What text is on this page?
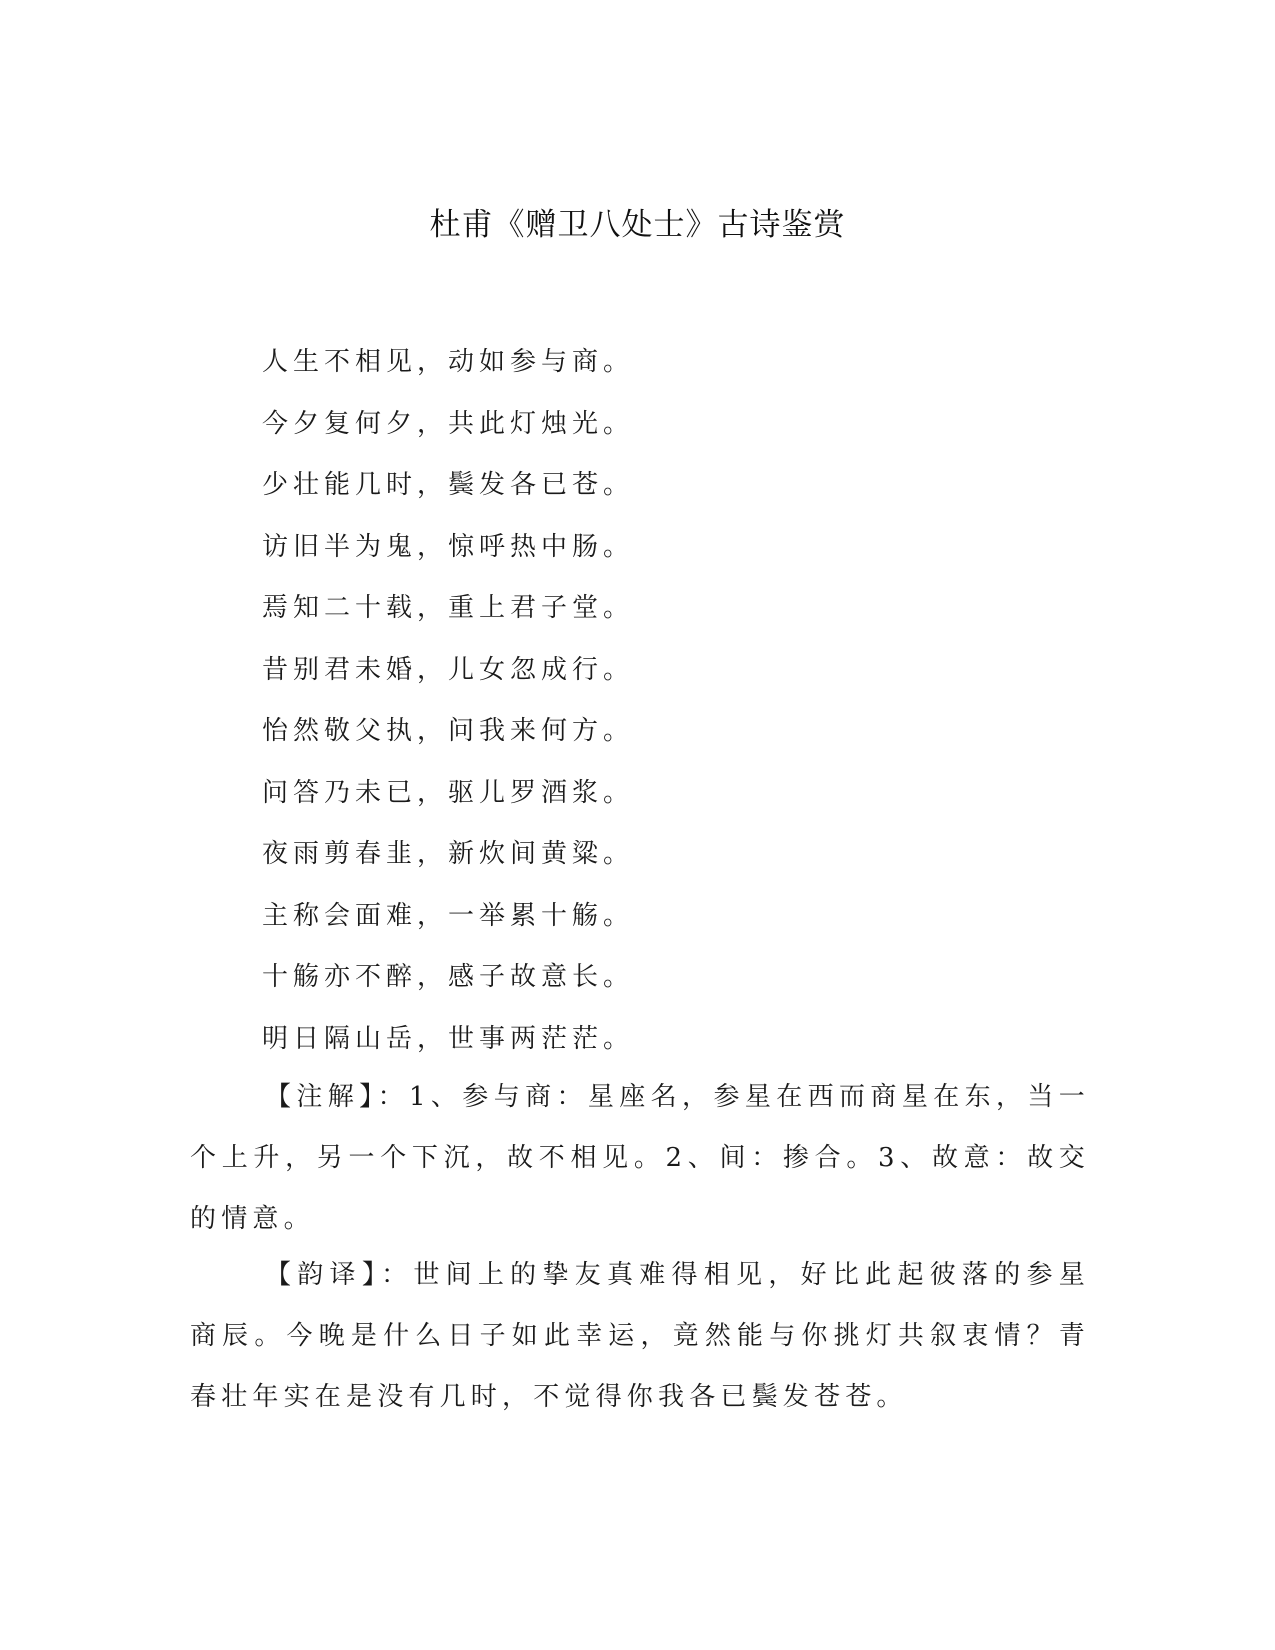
杜甫《赠卫八处士》古诗鉴赏
人生不相见，动如参与商。
今夕复何夕，共此灯烛光。
少壮能几时，鬓发各已苍。
访旧半为鬼，惊呼热中肠。
焉知二十载，重上君子堂。
昔别君未婚，儿女忽成行。
怡然敬父执，问我来何方。
问答乃未已，驱儿罗酒浆。
夜雨剪春韭，新炊间黄粱。
主称会面难，一举累十觞。
十觞亦不醉，感子故意长。
明日隔山岳，世事两茫茫。

【注解】：1、参与商：星座名，参星在西而商星在东，当一个上升，另一个下沉，故不相见。2、间：掺合。3、故意：故交的情意。

【韵译】：世间上的挚友真难得相见，好比此起彼落的参星商辰。今晚是什么日子如此幸运，竟然能与你挑灯共叙衷情？青春壮年实在是没有几时，不觉得你我各已鬓发苍苍。
